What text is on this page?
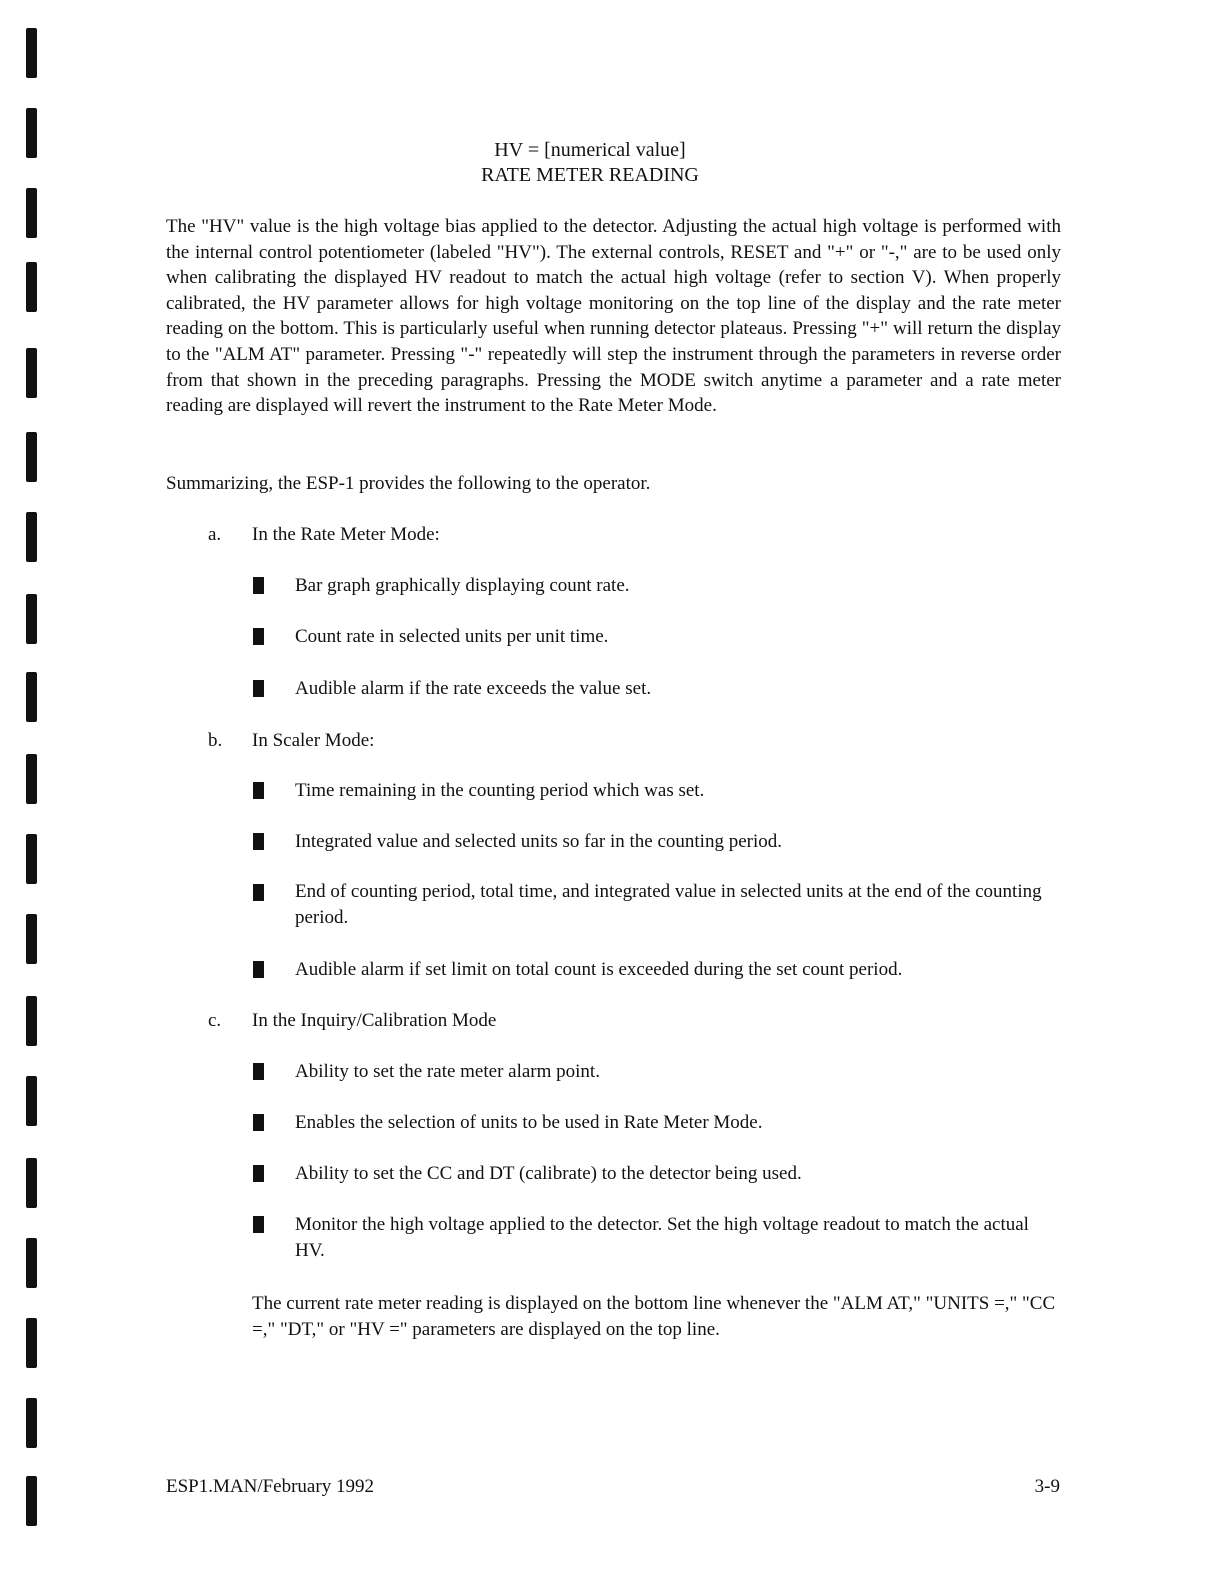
HV = [numerical value]
RATE METER READING
The "HV" value is the high voltage bias applied to the detector. Adjusting the actual high voltage is performed with the internal control potentiometer (labeled "HV"). The external controls, RESET and "+" or "-," are to be used only when calibrating the displayed HV readout to match the actual high voltage (refer to section V). When properly calibrated, the HV parameter allows for high voltage monitoring on the top line of the display and the rate meter reading on the bottom. This is particularly useful when running detector plateaus. Pressing "+" will return the display to the "ALM AT" parameter. Pressing "-" repeatedly will step the instrument through the parameters in reverse order from that shown in the preceding paragraphs. Pressing the MODE switch anytime a parameter and a rate meter reading are displayed will revert the instrument to the Rate Meter Mode.
Summarizing, the ESP-1 provides the following to the operator.
a. In the Rate Meter Mode:
Bar graph graphically displaying count rate.
Count rate in selected units per unit time.
Audible alarm if the rate exceeds the value set.
b. In Scaler Mode:
Time remaining in the counting period which was set.
Integrated value and selected units so far in the counting period.
End of counting period, total time, and integrated value in selected units at the end of the counting period.
Audible alarm if set limit on total count is exceeded during the set count period.
c. In the Inquiry/Calibration Mode
Ability to set the rate meter alarm point.
Enables the selection of units to be used in Rate Meter Mode.
Ability to set the CC and DT (calibrate) to the detector being used.
Monitor the high voltage applied to the detector. Set the high voltage readout to match the actual HV.
The current rate meter reading is displayed on the bottom line whenever the "ALM AT," "UNITS =," "CC =," "DT," or "HV =" parameters are displayed on the top line.
ESP1.MAN/February 1992	3-9
